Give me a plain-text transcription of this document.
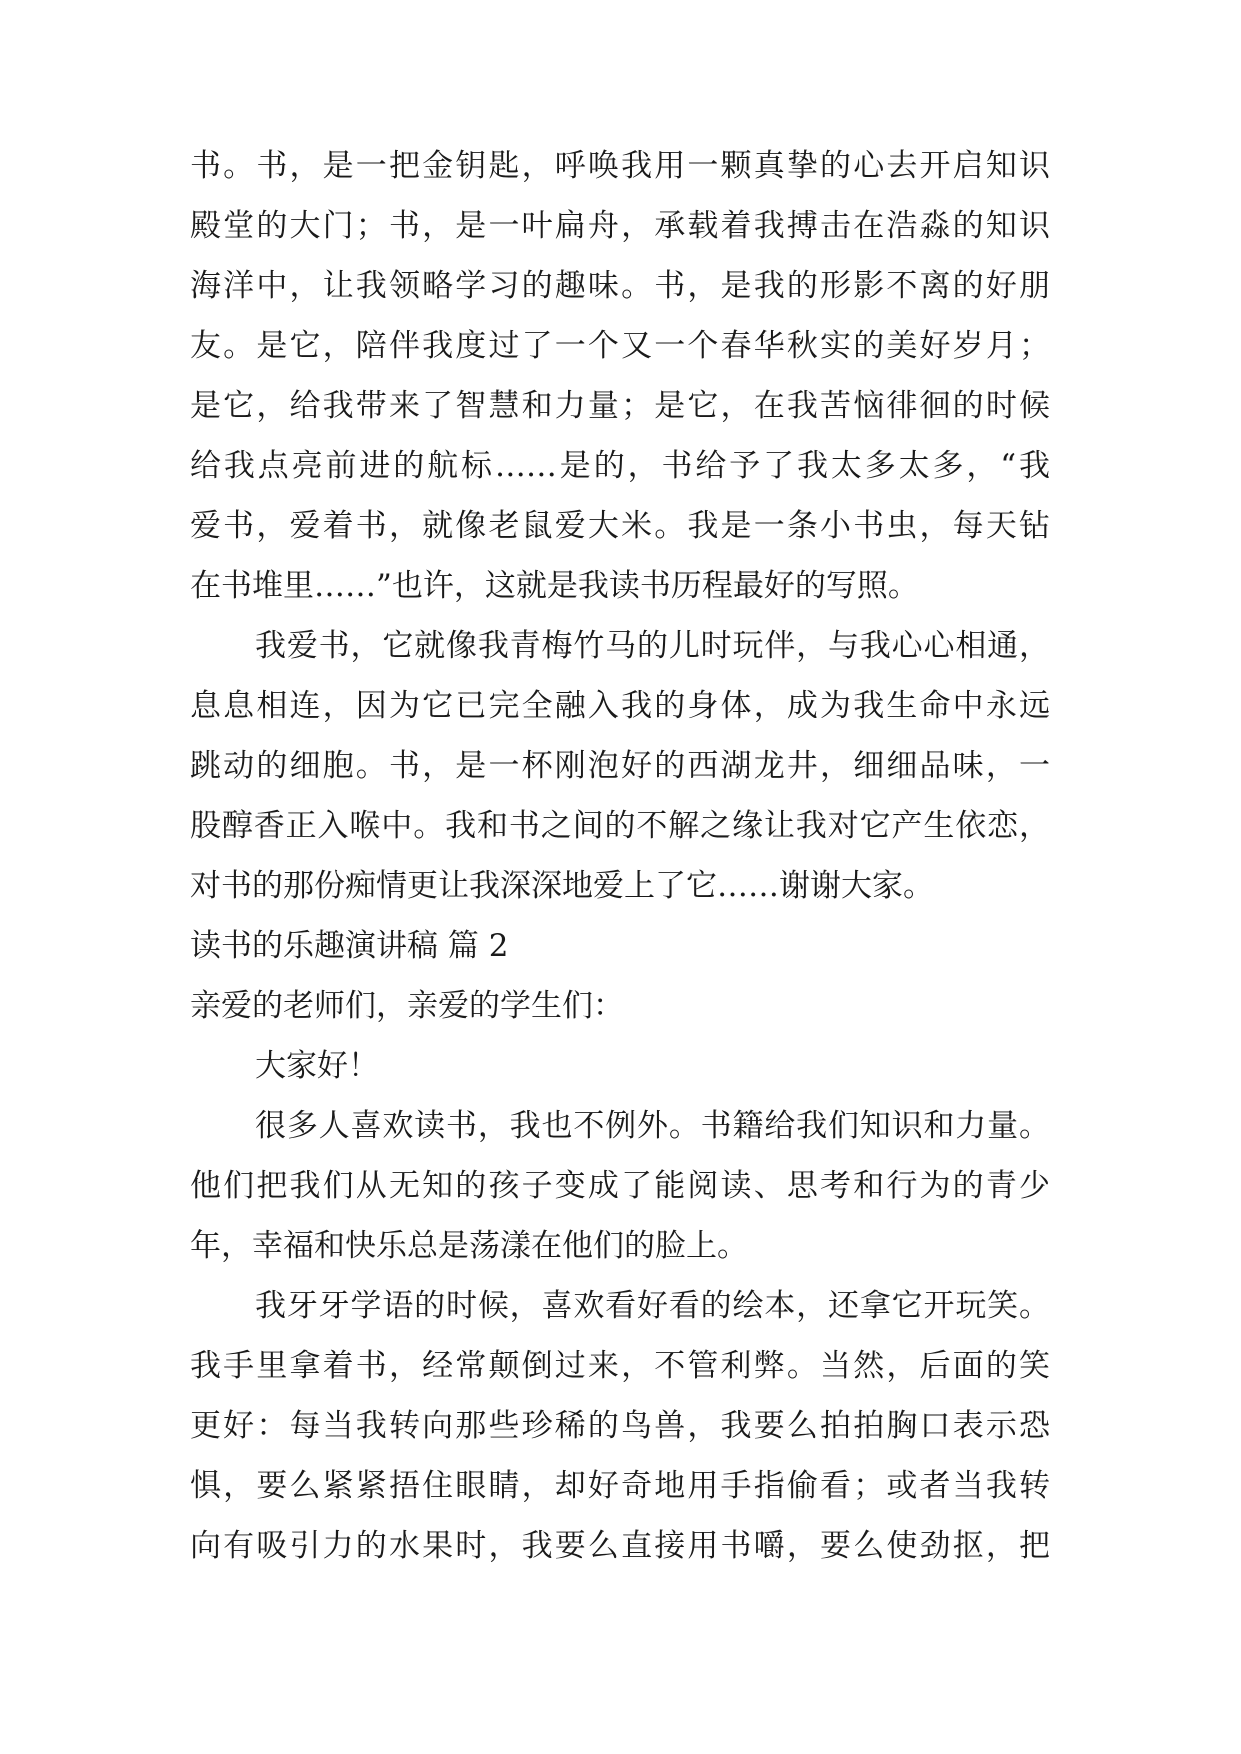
书。书，是一把金钥匙，呼唤我用一颗真挚的心去开启知识
殿堂的大门；书，是一叶扁舟，承载着我搏击在浩淼的知识
海洋中，让我领略学习的趣味。书，是我的形影不离的好朋
友。是它，陪伴我度过了一个又一个春华秋实的美好岁月；
是它，给我带来了智慧和力量；是它，在我苦恼徘徊的时候
给我点亮前进的航标……是的，书给予了我太多太多，“我
爱书，爱着书，就像老鼠爱大米。我是一条小书虫，每天钻
在书堆里……”也许，这就是我读书历程最好的写照。
我爱书，它就像我青梅竹马的儿时玩伴，与我心心相通，
息息相连，因为它已完全融入我的身体，成为我生命中永远
跳动的细胞。书，是一杯刚泡好的西湖龙井，细细品味，一
股醇香正入喉中。我和书之间的不解之缘让我对它产生依恋，
对书的那份痴情更让我深深地爱上了它……谢谢大家。
读书的乐趣演讲稿 篇 2
亲爱的老师们，亲爱的学生们：
大家好！
很多人喜欢读书，我也不例外。书籍给我们知识和力量。
他们把我们从无知的孩子变成了能阅读、思考和行为的青少
年，幸福和快乐总是荡漾在他们的脸上。
我牙牙学语的时候，喜欢看好看的绘本，还拿它开玩笑。
我手里拿着书，经常颠倒过来，不管利弊。当然，后面的笑
更好：每当我转向那些珍稀的鸟兽，我要么拍拍胸口表示恐
惧，要么紧紧捂住眼睛，却好奇地用手指偷看；或者当我转
向有吸引力的水果时，我要么直接用书嚼，要么使劲抠，把
